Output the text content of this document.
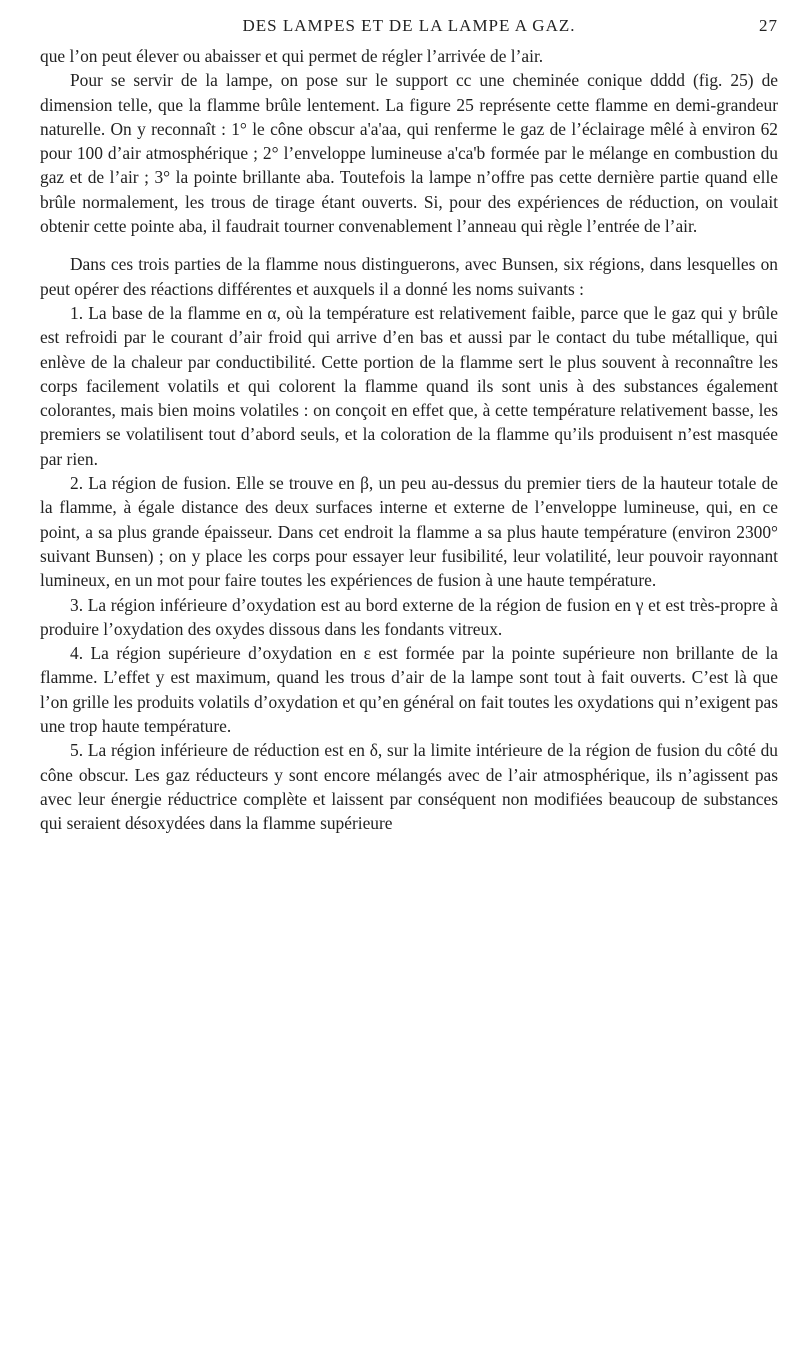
DES LAMPES ET DE LA LAMPE A GAZ.	27

que l’on peut élever ou abaisser et qui permet de régler l’arrivée de l’air.

Pour se servir de la lampe, on pose sur le support cc une cheminée conique dddd (fig. 25) de dimension telle, que la flamme brûle lentement. La figure 25 représente cette flamme en demi-grandeur naturelle. On y reconnaît : 1° le cône obscur a'a'aa, qui renferme le gaz de l’éclairage mêlé à environ 62 pour 100 d’air atmosphérique ; 2° l’enveloppe lumineuse a'ca'b formée par le mélange en combustion du gaz et de l’air ; 3° la pointe brillante aba. Toutefois la lampe n’offre pas cette dernière partie quand elle brûle normalement, les trous de tirage étant ouverts. Si, pour des expériences de réduction, on voulait obtenir cette pointe aba, il faudrait tourner convenablement l’anneau qui règle l’entrée de l’air.

Dans ces trois parties de la flamme nous distinguerons, avec Bunsen, six régions, dans lesquelles on peut opérer des réactions différentes et auxquels il a donné les noms suivants :

1. La base de la flamme en α, où la température est relativement faible, parce que le gaz qui y brûle est refroidi par le courant d’air froid qui arrive d’en bas et aussi par le contact du tube métallique, qui enlève de la chaleur par conductibilité. Cette portion de la flamme sert le plus souvent à reconnaître les corps facilement volatils et qui colorent la flamme quand ils sont unis à des substances également colorantes, mais bien moins volatiles : on conçoit en effet que, à cette température relativement basse, les premiers se volatilisent tout d’abord seuls, et la coloration de la flamme qu’ils produisent n’est masquée par rien.

2. La région de fusion. Elle se trouve en β, un peu au-dessus du premier tiers de la hauteur totale de la flamme, à égale distance des deux surfaces interne et externe de l’enveloppe lumineuse, qui, en ce point, a sa plus grande épaisseur. Dans cet endroit la flamme a sa plus haute température (environ 2300° suivant Bunsen) ; on y place les corps pour essayer leur fusibilité, leur volatilité, leur pouvoir rayonnant lumineux, en un mot pour faire toutes les expériences de fusion à une haute température.

3. La région inférieure d’oxydation est au bord externe de la région de fusion en γ et est très-propre à produire l’oxydation des oxydes dissous dans les fondants vitreux.

4. La région supérieure d’oxydation en ε est formée par la pointe supérieure non brillante de la flamme. L’effet y est maximum, quand les trous d’air de la lampe sont tout à fait ouverts. C’est là que l’on grille les produits volatils d’oxydation et qu’en général on fait toutes les oxydations qui n’exigent pas une trop haute température.

5. La région inférieure de réduction est en δ, sur la limite intérieure de la région de fusion du côté du cône obscur. Les gaz réducteurs y sont encore mélangés avec de l’air atmosphérique, ils n’agissent pas avec leur énergie réductrice complète et laissent par conséquent non modifiées beaucoup de substances qui seraient désoxydées dans la flamme supérieure
